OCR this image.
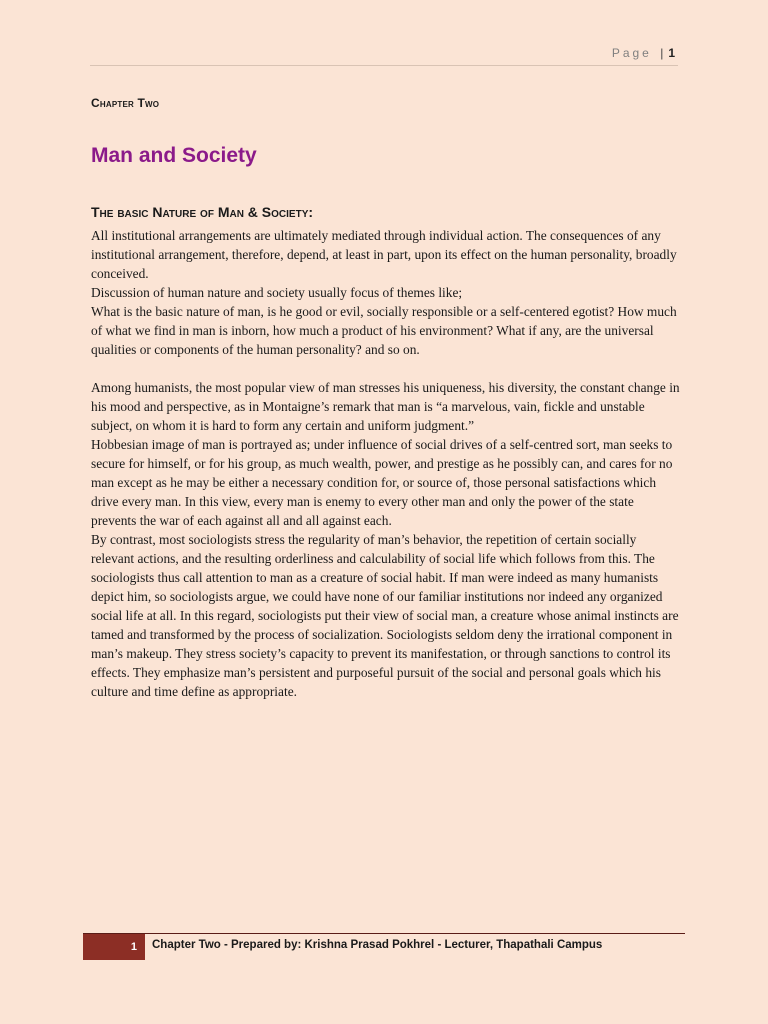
Page | 1
Chapter Two
Man and Society
The basic Nature of Man & Society:

All institutional arrangements are ultimately mediated through individual action. The consequences of any institutional arrangement, therefore, depend, at least in part, upon its effect on the human personality, broadly conceived.

Discussion of human nature and society usually focus of themes like;

What is the basic nature of man, is he good or evil, socially responsible or a self-centered egotist? How much of what we find in man is inborn, how much a product of his environment? What if any, are the universal qualities or components of the human personality? and so on.

Among humanists, the most popular view of man stresses his uniqueness, his diversity, the constant change in his mood and perspective, as in Montaigne’s remark that man is “a marvelous, vain, fickle and unstable subject, on whom it is hard to form any certain and uniform judgment.”

Hobbesian image of man is portrayed as; under influence of social drives of a self-centred sort, man seeks to secure for himself, or for his group, as much wealth, power, and prestige as he possibly can, and cares for no man except as he may be either a necessary condition for, or source of, those personal satisfactions which drive every man. In this view, every man is enemy to every other man and only the power of the state prevents the war of each against all and all against each.

By contrast, most sociologists stress the regularity of man’s behavior, the repetition of certain socially relevant actions, and the resulting orderliness and calculability of social life which follows from this. The sociologists thus call attention to man as a creature of social habit. If man were indeed as many humanists depict him, so sociologists argue, we could have none of our familiar institutions nor indeed any organized social life at all. In this regard, sociologists put their view of social man, a creature whose animal instincts are tamed and transformed by the process of socialization. Sociologists seldom deny the irrational component in man’s makeup. They stress society’s capacity to prevent its manifestation, or through sanctions to control its effects. They emphasize man’s persistent and purposeful pursuit of the social and personal goals which his culture and time define as appropriate.

1	Chapter Two - Prepared by: Krishna Prasad Pokhrel - Lecturer, Thapathali Campus
